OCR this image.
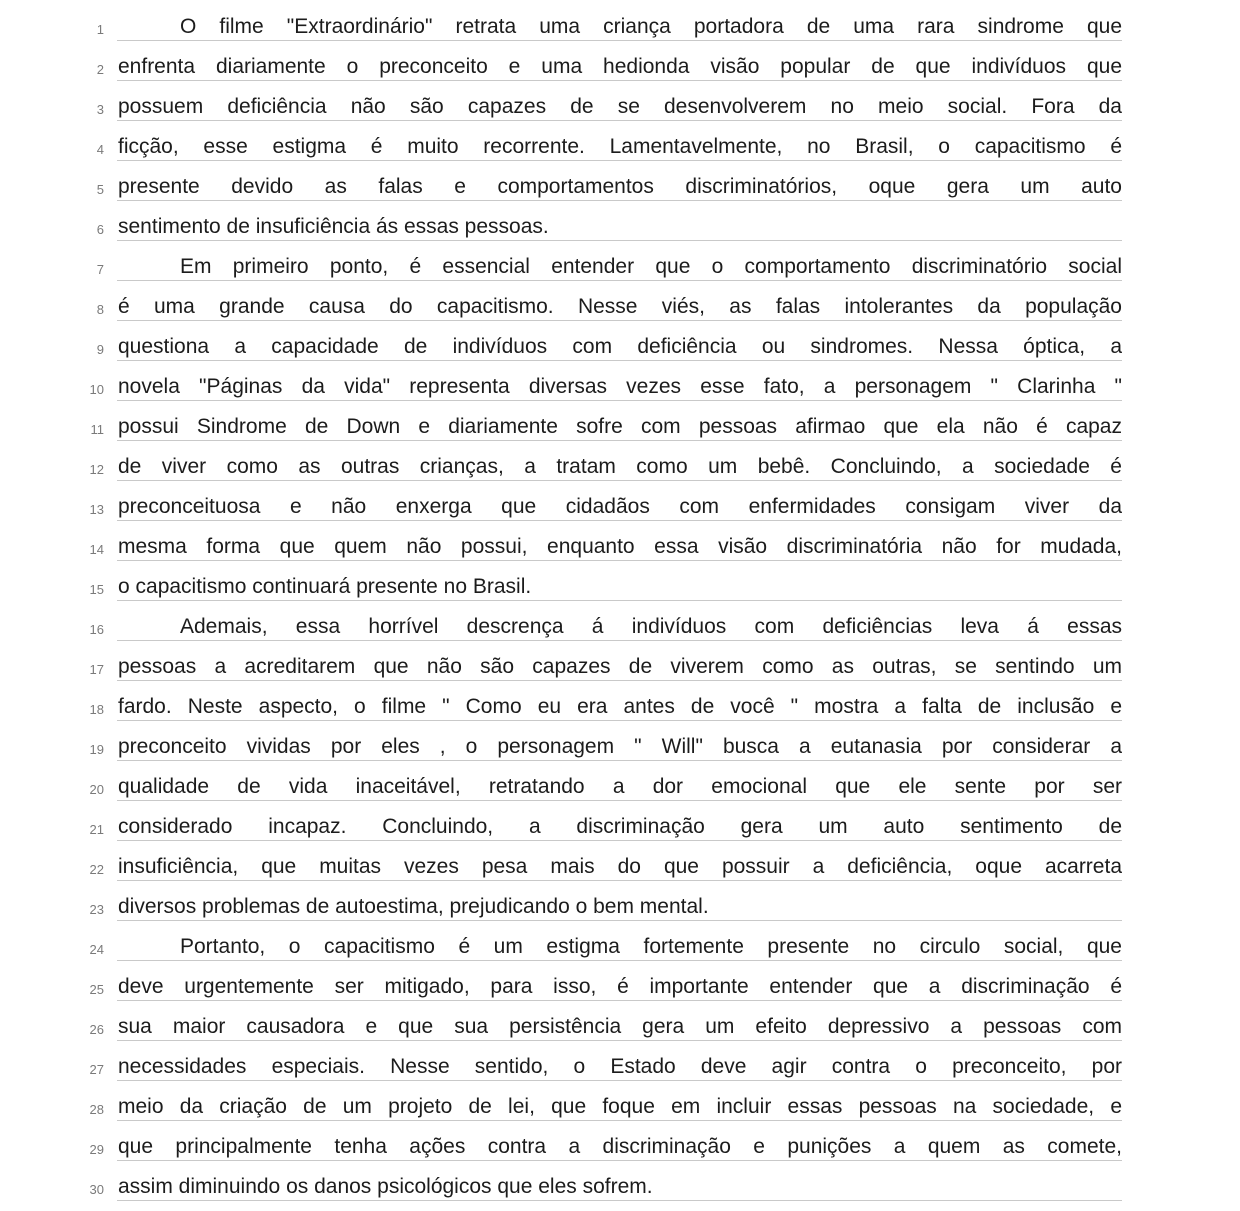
1	O filme "Extraordinário" retrata uma criança portadora de uma rara sindrome que
2 enfrenta diariamente o preconceito e uma hedionda visão popular de que indivíduos que
3 possuem deficiência não são capazes de se desenvolverem no meio social. Fora da
4 ficção, esse estigma é muito recorrente. Lamentavelmente, no Brasil, o capacitismo é
5 presente devido as falas e comportamentos discriminatórios, oque gera um auto
6 sentimento de insuficiência ás essas pessoas.
7	Em primeiro ponto, é essencial entender que o comportamento discriminatório social
8 é uma grande causa do capacitismo. Nesse viés, as falas intolerantes da população
9 questiona a capacidade de indivíduos com deficiência ou sindromes. Nessa óptica, a
10 novela "Páginas da vida" representa diversas vezes esse fato, a personagem " Clarinha "
11 possui Sindrome de Down e diariamente sofre com pessoas afirmao que ela não é capaz
12 de viver como as outras crianças, a tratam como um bebê. Concluindo, a sociedade é
13 preconceituosa e não enxerga que cidadãos com enfermidades consigam viver da
14 mesma forma que quem não possui, enquanto essa visão discriminatória não for mudada,
15 o capacitismo continuará presente no Brasil.
16	Ademais, essa horrível descrença á indivíduos com deficiências leva á essas
17 pessoas a acreditarem que não são capazes de viverem como as outras, se sentindo um
18 fardo. Neste aspecto, o filme " Como eu era antes de você " mostra a falta de inclusão e
19 preconceito vividas por eles , o personagem " Will" busca a eutanasia por considerar a
20 qualidade de vida inaceitável, retratando a dor emocional que ele sente por ser
21 considerado incapaz. Concluindo, a discriminação gera um auto sentimento de
22 insuficiência, que muitas vezes pesa mais do que possuir a deficiência, oque acarreta
23 diversos problemas de autoestima, prejudicando o bem mental.
24	Portanto, o capacitismo é um estigma fortemente presente no circulo social, que
25 deve urgentemente ser mitigado, para isso, é importante entender que a discriminação é
26 sua maior causadora e que sua persistência gera um efeito depressivo a pessoas com
27 necessidades especiais. Nesse sentido, o Estado deve agir contra o preconceito, por
28 meio da criação de um projeto de lei, que foque em incluir essas pessoas na sociedade, e
29 que principalmente tenha ações contra a discriminação e punições a quem as comete,
30 assim diminuindo os danos psicológicos que eles sofrem.
